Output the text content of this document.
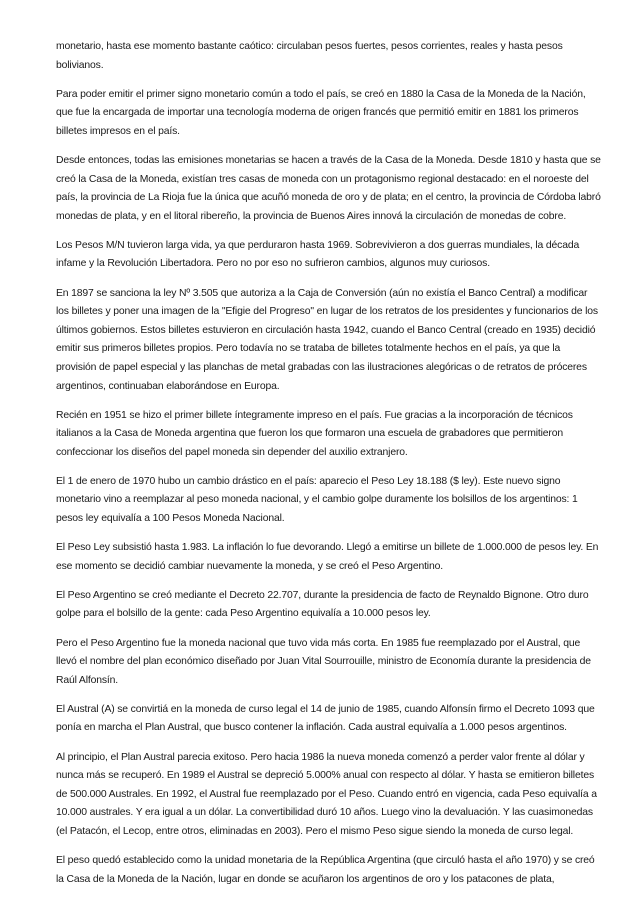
monetario, hasta ese momento bastante caótico: circulaban pesos fuertes, pesos corrientes, reales y hasta pesos bolivianos.

Para poder emitir el primer signo monetario común a todo el país, se creó en 1880 la Casa de la Moneda de la Nación, que fue la encargada de importar una tecnología moderna de origen francés que permitió emitir en 1881 los primeros billetes impresos en el país.

Desde entonces, todas las emisiones monetarias se hacen a través de la Casa de la Moneda. Desde 1810 y hasta que se creó la Casa de la Moneda, existían tres casas de moneda con un protagonismo regional destacado: en el noroeste del país, la provincia de La Rioja fue la única que acuñó moneda de oro y de plata; en el centro, la provincia de Córdoba labró monedas de plata, y en el litoral ribereño, la provincia de Buenos Aires innová la circulación de monedas de cobre.

Los Pesos M/N tuvieron larga vida, ya que perduraron hasta 1969. Sobrevivieron a dos guerras mundiales, la década infame y la Revolución Libertadora. Pero no por eso no sufrieron cambios, algunos muy curiosos.

En 1897 se sanciona la ley Nº 3.505 que autoriza a la Caja de Conversión (aún no existía el Banco Central) a modificar los billetes y poner una imagen de la "Efigie del Progreso" en lugar de los retratos de los presidentes y funcionarios de los últimos gobiernos. Estos billetes estuvieron en circulación hasta 1942, cuando el Banco Central (creado en 1935) decidió emitir sus primeros billetes propios. Pero todavía no se trataba de billetes totalmente hechos en el país, ya que la provisión de papel especial y las planchas de metal grabadas con las ilustraciones alegóricas o de retratos de próceres argentinos, continuaban elaborándose en Europa.

Recién en 1951 se hizo el primer billete íntegramente impreso en el país. Fue gracias a la incorporación de técnicos italianos a la Casa de Moneda argentina que fueron los que formaron una escuela de grabadores que permitieron confeccionar los diseños del papel moneda sin depender del auxilio extranjero.

El 1 de enero de 1970 hubo un cambio drástico en el país: aparecio el Peso Ley 18.188 ($ ley). Este nuevo signo monetario vino a reemplazar al peso moneda nacional, y el cambio golpe duramente los bolsillos de los argentinos: 1 pesos ley equivalía a 100 Pesos Moneda Nacional.

El Peso Ley subsistió hasta 1.983. La inflación lo fue devorando. Llegó a emitirse un billete de 1.000.000 de pesos ley. En ese momento se decidió cambiar nuevamente la moneda, y se creó el Peso Argentino.

El Peso Argentino se creó mediante el Decreto 22.707, durante la presidencia de facto de Reynaldo Bignone. Otro duro golpe para el bolsillo de la gente: cada Peso Argentino equivalía a 10.000 pesos ley.

Pero el Peso Argentino fue la moneda nacional que tuvo vida más corta. En 1985 fue reemplazado por el Austral, que llevó el nombre del plan económico diseñado por Juan Vital Sourrouille, ministro de Economía durante la presidencia de Raúl Alfonsín.

El Austral (A) se convirtiá en la moneda de curso legal el 14 de junio de 1985, cuando Alfonsín firmo el Decreto 1093 que ponía en marcha el Plan Austral, que busco contener la inflación. Cada austral equivalía a 1.000 pesos argentinos.

Al principio, el Plan Austral parecia exitoso. Pero hacia 1986 la nueva moneda comenzó a perder valor frente al dólar y nunca más se recuperó. En 1989 el Austral se depreció 5.000% anual con respecto al dólar. Y hasta se emitieron billetes de 500.000 Australes. En 1992, el Austral fue reemplazado por el Peso. Cuando entró en vigencia, cada Peso equivalía a 10.000 australes. Y era igual a un dólar. La convertibilidad duró 10 años. Luego vino la devaluación. Y las cuasimonedas (el Patacón, el Lecop, entre otros, eliminadas en 2003). Pero el mismo Peso sigue siendo la moneda de curso legal.

El peso quedó establecido como la unidad monetaria de la República Argentina (que circuló hasta el año 1970) y se creó la Casa de la Moneda de la Nación, lugar en donde se acuñaron los argentinos de oro y los patacones de plata,
